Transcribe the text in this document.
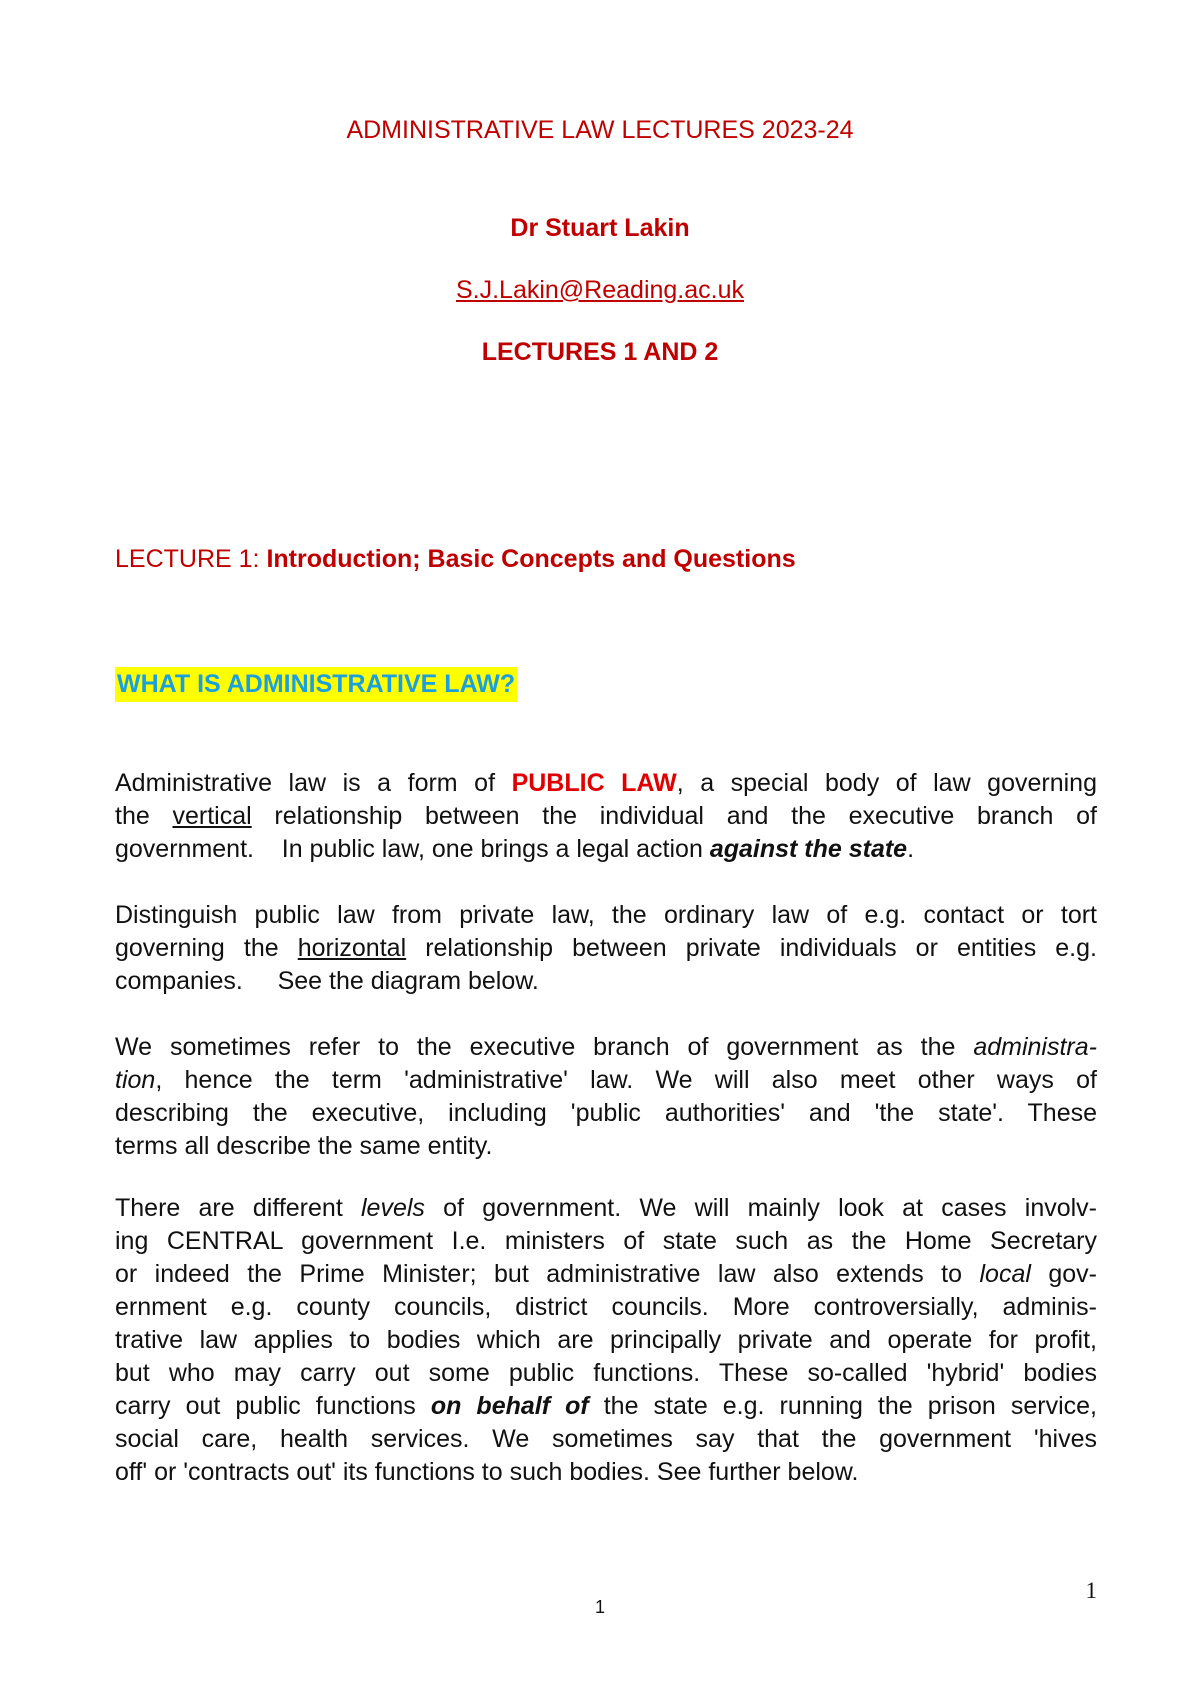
ADMINISTRATIVE LAW LECTURES 2023-24
Dr Stuart Lakin
S.J.Lakin@Reading.ac.uk
LECTURES 1 AND 2
LECTURE 1: Introduction; Basic Concepts and Questions
WHAT IS ADMINISTRATIVE LAW?
Administrative law is a form of PUBLIC LAW, a special body of law governing
the vertical relationship between the individual and the executive branch of
government.    In public law, one brings a legal action against the state.
Distinguish public law from private law, the ordinary law of e.g. contact or tort
governing the horizontal relationship between private individuals or entities e.g.
companies.     See the diagram below.
We sometimes refer to the executive branch of government as the administra-
tion, hence the term 'administrative' law. We will also meet other ways of
describing the executive, including 'public authorities' and 'the state'. These
terms all describe the same entity.
There are different levels of government. We will mainly look at cases involv-
ing CENTRAL government I.e. ministers of state such as the Home Secretary
or indeed the Prime Minister; but administrative law also extends to local gov-
ernment e.g. county councils, district councils. More controversially, adminis-
trative law applies to bodies which are principally private and operate for profit,
but who may carry out some public functions. These so-called 'hybrid' bodies
carry out public functions on behalf of the state e.g. running the prison service,
social care, health services. We sometimes say that the government 'hives
off' or 'contracts out' its functions to such bodies. See further below.
1
1
